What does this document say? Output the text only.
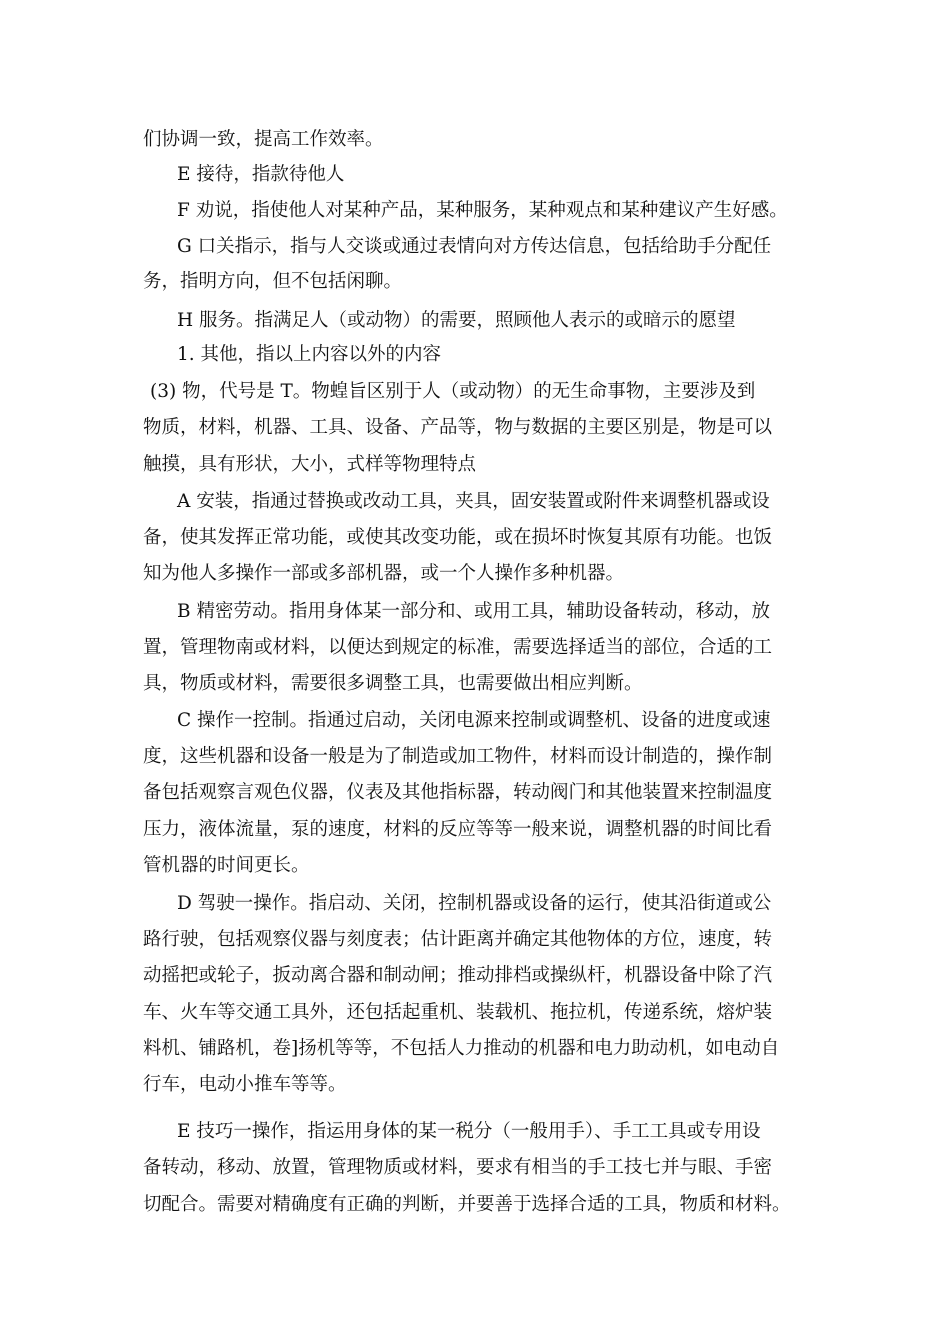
们协调一致，提高工作效率。

E 接待，指款待他人

F 劝说，指使他人对某种产品，某种服务，某种观点和某种建议产生好感。

G 口关指示，指与人交谈或通过表情向对方传达信息，包括给助手分配任

务，指明方向，但不包括闲聊。

H 服务。指满足人（或动物）的需要，照顾他人表示的或暗示的愿望

1. 其他，指以上内容以外的内容

(3) 物，代号是 T。物蝗旨区别于人（或动物）的无生命事物，主要涉及到

物质，材料，机器、工具、设备、产品等，物与数据的主要区别是，物是可以

触摸，具有形状，大小，式样等物理特点

A 安装，指通过替换或改动工具，夹具，固安装置或附件来调整机器或设

备，使其发挥正常功能，或使其改变功能，或在损坏时恢复其原有功能。也饭

知为他人多操作一部或多部机器，或一个人操作多种机器。

B 精密劳动。指用身体某一部分和、或用工具，辅助设备转动，移动，放

置，管理物南或材料，以便达到规定的标准，需要选择适当的部位，合适的工

具，物质或材料，需要很多调整工具，也需要做出相应判断。

C 操作一控制。指通过启动，关闭电源来控制或调整机、设备的进度或速

度，这些机器和设备一般是为了制造或加工物件，材料而设计制造的，操作制

备包括观察言观色仪器，仪表及其他指标器，转动阀门和其他装置来控制温度

压力，液体流量，泵的速度，材料的反应等等一般来说，调整机器的时间比看

管机器的时间更长。

D 驾驶一操作。指启动、关闭，控制机器或设备的运行，使其沿街道或公

路行驶，包括观察仪器与刻度表；估计距离并确定其他物体的方位，速度，转

动摇把或轮子，扳动离合器和制动闸；推动排档或操纵杆，机器设备中除了汽

车、火车等交通工具外，还包括起重机、装载机、拖拉机，传递系统，熔炉装

料机、铺路机，卷]扬机等等，不包括人力推动的机器和电力助动机，如电动自

行车，电动小推车等等。

E 技巧一操作，指运用身体的某一税分（一般用手）、手工工具或专用设

备转动，移动、放置，管理物质或材料，要求有相当的手工技七并与眼、手密

切配合。需要对精确度有正确的判断，并要善于选择合适的工具，物质和材料。
